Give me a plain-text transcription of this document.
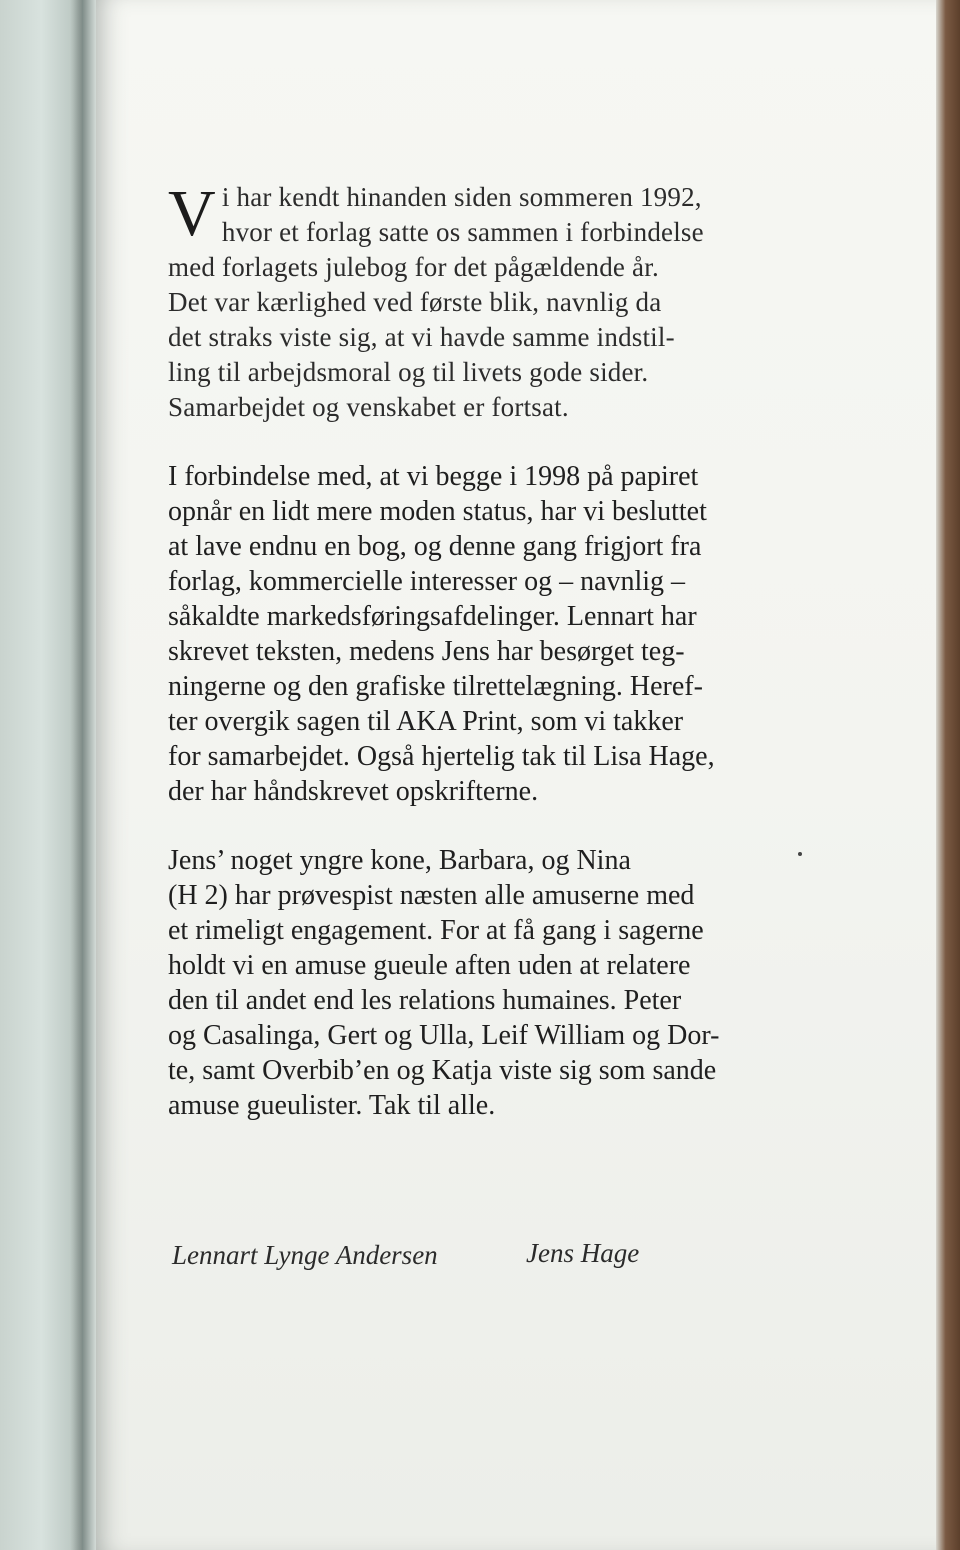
Vi har kendt hinanden siden sommeren 1992,
hvor et forlag satte os sammen i forbindelse
med forlagets julebog for det pågældende år.
Det var kærlighed ved første blik, navnlig da
det straks viste sig, at vi havde samme indstil-
ling til arbejdsmoral og til livets gode sider.
Samarbejdet og venskabet er fortsat.

I forbindelse med, at vi begge i 1998 på papiret
opnår en lidt mere moden status, har vi besluttet
at lave endnu en bog, og denne gang frigjort fra
forlag, kommercielle interesser og – navnlig –
såkaldte markedsføringsafdelinger. Lennart har
skrevet teksten, medens Jens har besørget teg-
ningerne og den grafiske tilrettelægning. Heref-
ter overgik sagen til AKA Print, som vi takker
for samarbejdet. Også hjertelig tak til Lisa Hage,
der har håndskrevet opskrifterne.

Jens’ noget yngre kone, Barbara, og Nina
(H 2) har prøvespist næsten alle amuserne med
et rimeligt engagement. For at få gang i sagerne
holdt vi en amuse gueule aften uden at relatere
den til andet end les relations humaines. Peter
og Casalinga, Gert og Ulla, Leif William og Dor-
te, samt Overbib’en og Katja viste sig som sande
amuse gueulister. Tak til alle.

Lennart Lynge Andersen	Jens Hage
